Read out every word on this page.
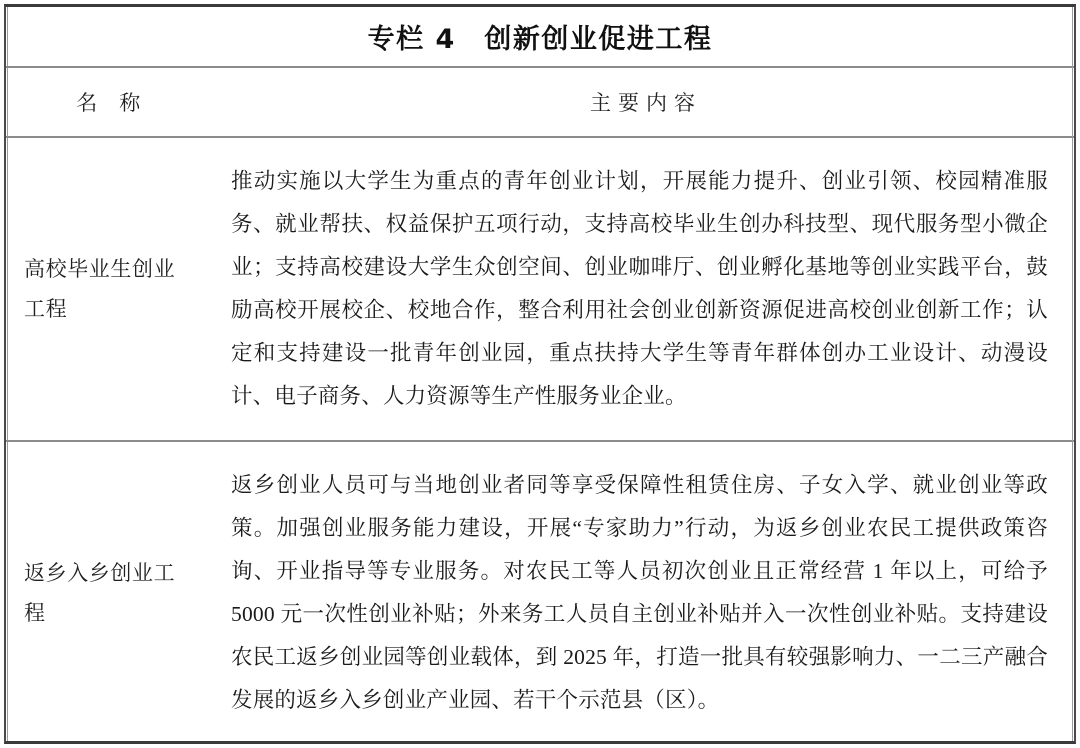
专栏 4　创新创业促进工程
名　称	主要内容

高校毕业生创业工程	推动实施以大学生为重点的青年创业计划，开展能力提升、创业引领、校园精准服务、就业帮扶、权益保护五项行动，支持高校毕业生创办科技型、现代服务型小微企业；支持高校建设大学生众创空间、创业咖啡厅、创业孵化基地等创业实践平台，鼓励高校开展校企、校地合作，整合利用社会创业创新资源促进高校创业创新工作；认定和支持建设一批青年创业园，重点扶持大学生等青年群体创办工业设计、动漫设计、电子商务、人力资源等生产性服务业企业。

返乡入乡创业工程	返乡创业人员可与当地创业者同等享受保障性租赁住房、子女入学、就业创业等政策。加强创业服务能力建设，开展“专家助力”行动，为返乡创业农民工提供政策咨询、开业指导等专业服务。对农民工等人员初次创业且正常经营 1 年以上，可给予 5000 元一次性创业补贴；外来务工人员自主创业补贴并入一次性创业补贴。支持建设农民工返乡创业园等创业载体，到 2025 年，打造一批具有较强影响力、一二三产融合发展的返乡入乡创业产业园、若干个示范县（区）。
